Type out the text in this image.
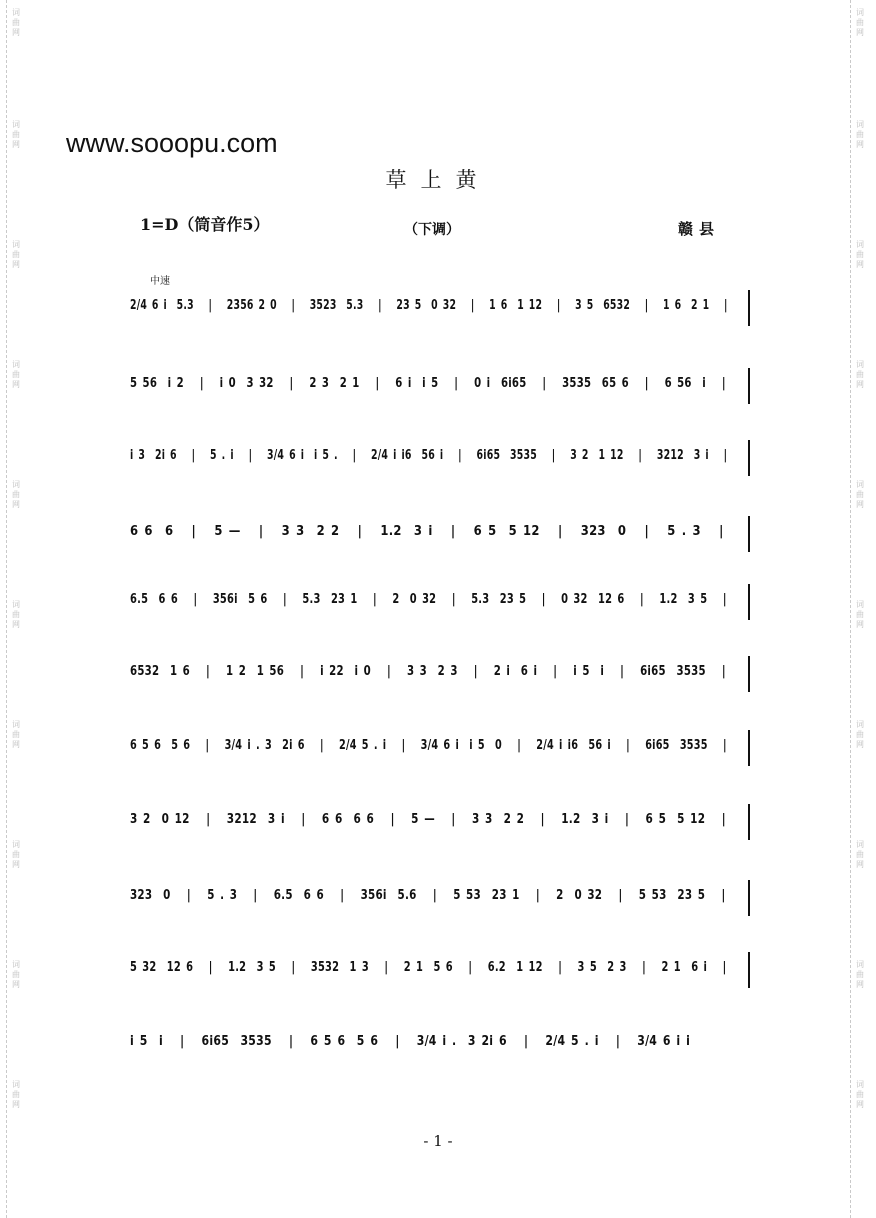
词曲网
词曲网
词曲网
词曲网
词曲网
词曲网
词曲网
词曲网
词曲网
词曲网
词曲网
词曲网
词曲网
词曲网
词曲网
词曲网
词曲网
词曲网
词曲网
词曲网
www.sooopu.com
草上黄
1=D（筒音作5）	（下调）	赣县
中速
2/4 6 i  5.3   |   2356 2 0   |   3523  5.3   |   23 5  0 32   |   1 6  1 12   |   3 5  6532   |   1 6  2 1   |
5 56  i 2   |   i 0  3 32   |   2 3  2 1   |   6 i  i 5   |   0 i  6i65   |   3535  65 6   |   6 56  i   |
i 3  2i 6   |   5 . i   |   3/4 6 i  i 5 .   |   2/4 i i6  56 i   |   6i65  3535   |   3 2  1 12   |   3212  3 i   |
6 6  6   |   5 —   |   3 3  2 2   |   1.2  3 i   |   6 5  5 12   |   323  0   |   5 . 3   |
6.5  6 6   |   356i  5 6   |   5.3  23 1   |   2  0 32   |   5.3  23 5   |   0 32  12 6   |   1.2  3 5   |
6532  1 6   |   1 2  1 56   |   i 22  i 0   |   3 3  2 3   |   2 i  6 i   |   i 5  i   |   6i65  3535   |
6 5 6  5 6   |   3/4 i . 3  2i 6   |   2/4 5 . i   |   3/4 6 i  i 5  0   |   2/4 i i6  56 i   |   6i65  3535   |
3 2  0 12   |   3212  3 i   |   6 6  6 6   |   5 —   |   3 3  2 2   |   1.2  3 i   |   6 5  5 12   |
323  0   |   5 . 3   |   6.5  6 6   |   356i  5.6   |   5 53  23 1   |   2  0 32   |   5 53  23 5   |
5 32  12 6   |   1.2  3 5   |   3532  1 3   |   2 1  5 6   |   6.2  1 12   |   3 5  2 3   |   2 1  6 i   |
i 5  i   |   6i65  3535   |   6 5 6  5 6   |   3/4 i .  3 2i 6   |   2/4 5 . i   |   3/4 6 i i
- 1 -
